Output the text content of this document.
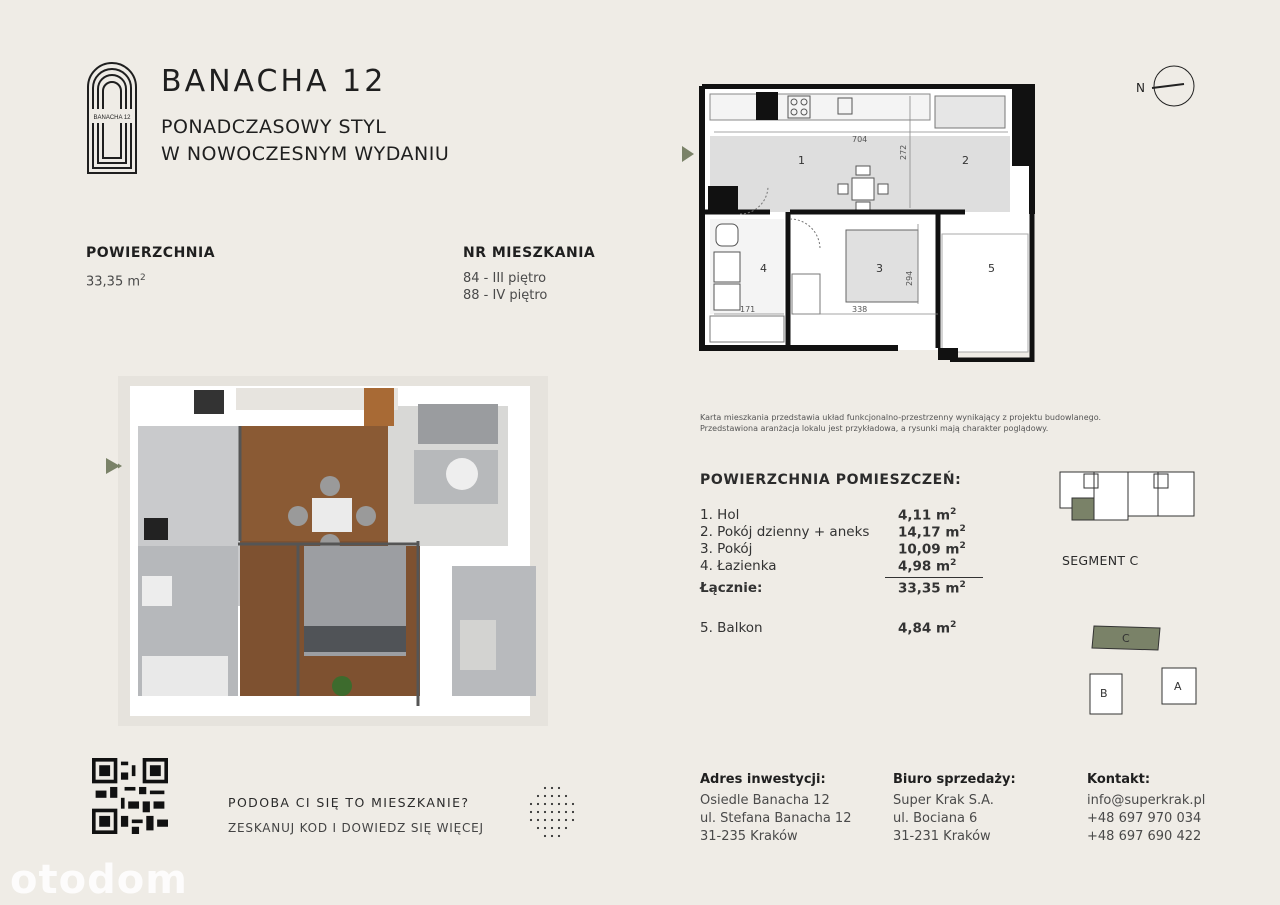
BANACHA 12
BANACHA 12
PONADCZASOWY STYL
W NOWOCZESNYM WYDANIU
POWIERZCHNIA
33,35 $m^2$
NR MIESZKANIA
84 - III piętro
88 - IV piętro
1	2
3
4	5
704
272
294
338
171
N
Karta mieszkania przedstawia układ funkcjonalno-przestrzenny wynikający z projektu budowlanego.
Przedstawiona aranżacja lokalu jest przykładowa, a rysunki mają charakter poglądowy.
POWIERZCHNIA POMIESZCZEŃ:
1. Hol	4,11 $m^2$
2. Pokój dzienny + aneks 14,17 $m^2$
3. Pokój	10,09 $m^2$
4. Łazienka	4,98 $m^2$
Łącznie:	33,35 $m^2$
5. Balkon	4,84 $m^2$
SEGMENT C
C
B
A
PODOBA CI SIĘ TO MIESZKANIE?
ZESKANUJ KOD I DOWIEDZ SIĘ WIĘCEJ
Adres inwestycji:
Osiedle Banacha 12
ul. Stefana Banacha 12
31-235 Kraków
Biuro sprzedaży:
Super Krak S.A.
ul. Bociana 6
31-231 Kraków
Kontakt:
info@superkrak.pl
+48 697 970 034
+48 697 690 422
otodom
